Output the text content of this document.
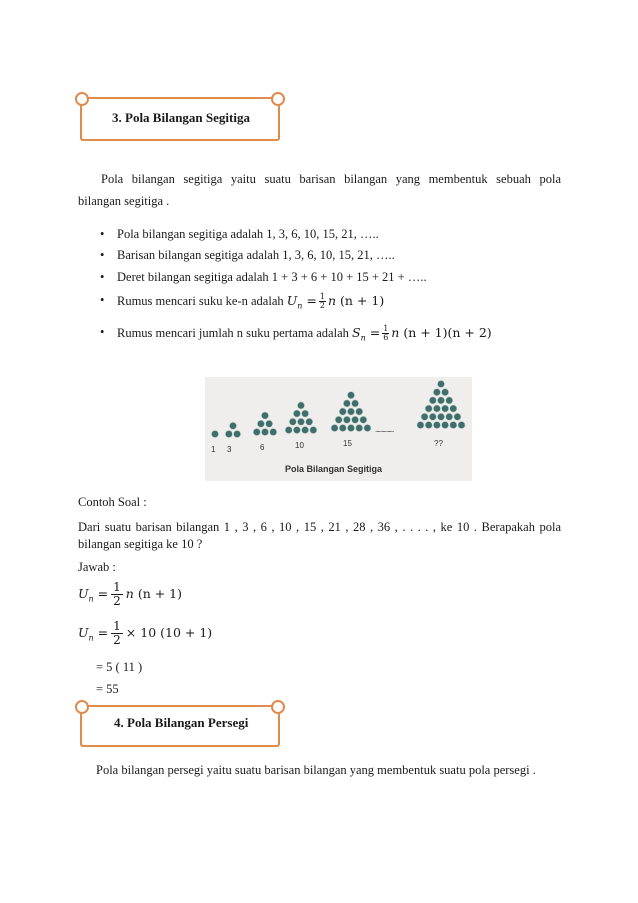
3. Pola Bilangan Segitiga
Pola bilangan segitiga yaitu suatu barisan bilangan yang membentuk sebuah pola
bilangan segitiga .
• Pola bilangan segitiga adalah 1, 3, 6, 10, 15, 21, …..
• Barisan bilangan segitiga adalah 1, 3, 6, 10, 15, 21, …..
• Deret bilangan segitiga adalah 1 + 3 + 6 + 10 + 15 + 21 + …..
• Rumus mencari suku ke-n adalah $U_n = \frac{1}{2}$ n (n + 1)
• Rumus mencari jumlah n suku pertama adalah $S_n = \frac{1}{6}$ n (n + 1)(n + 2)
1 3	6	10	15
...............
??
Pola Bilangan Segitiga
Contoh Soal :
Dari suatu barisan bilangan 1 , 3 , 6 , 10 , 15 , 21 , 28 , 36 , . . . . , ke 10 . Berapakah pola
bilangan segitiga ke 10 ?
Jawab :
$U_n = \frac{1}{2}$ n (n + 1)
$U_n = \frac{1}{2} \times 10$ (10 + 1)
= 5 ( 11 )
= 55
4. Pola Bilangan Persegi
Pola bilangan persegi yaitu suatu barisan bilangan yang membentuk suatu pola persegi .
